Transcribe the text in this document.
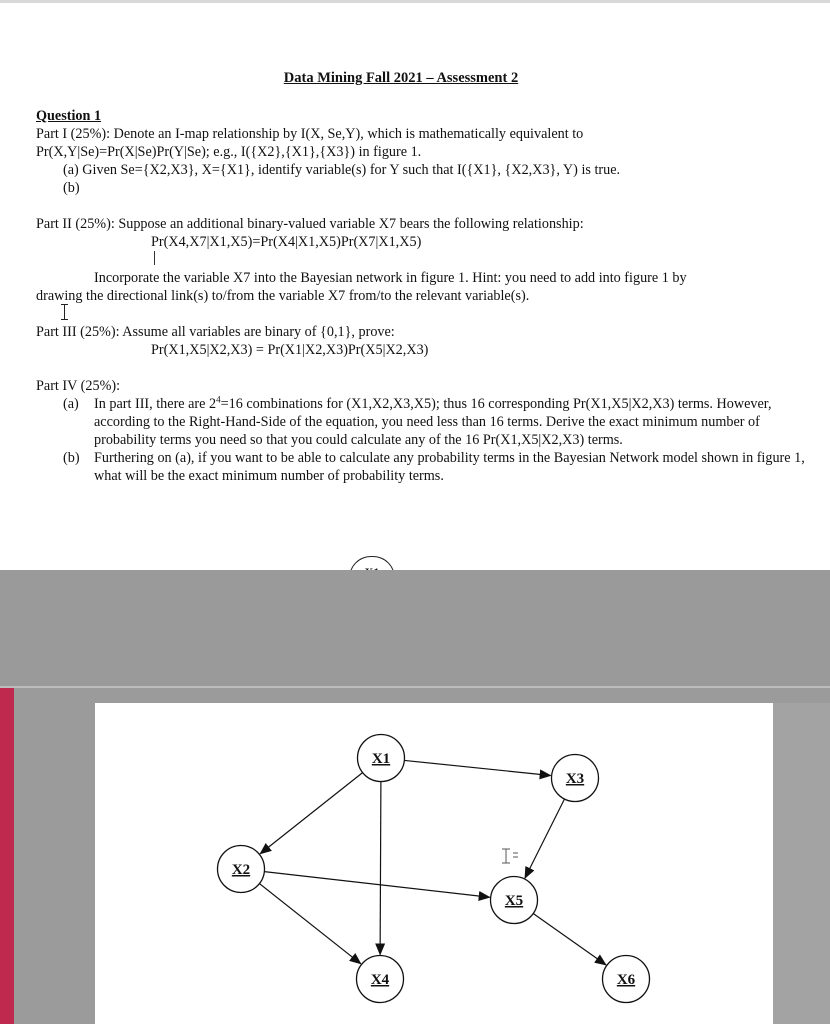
Data Mining Fall 2021 – Assessment 2
Question 1
Part I (25%): Denote an I-map relationship by I(X, Se,Y), which is mathematically equivalent to
Pr(X,Y|Se)=Pr(X|Se)Pr(Y|Se); e.g., I({X2},{X1},{X3}) in figure 1.
(a) Given Se={X2,X3}, X={X1}, identify variable(s) for Y such that I({X1}, {X2,X3}, Y) is true.
(b)
Part II (25%): Suppose an additional binary-valued variable X7 bears the following relationship:
Pr(X4,X7|X1,X5)=Pr(X4|X1,X5)Pr(X7|X1,X5)
Incorporate the variable X7 into the Bayesian network in figure 1. Hint: you need to add into figure 1 by
drawing the directional link(s) to/from the variable X7 from/to the relevant variable(s).
Part III (25%): Assume all variables are binary of {0,1}, prove:
Pr(X1,X5|X2,X3) = Pr(X1|X2,X3)Pr(X5|X2,X3)
Part IV (25%):
(a)	In part III, there are $2^4=16$ combinations for (X1,X2,X3,X5); thus 16 corresponding Pr(X1,X5|X2,X3) terms. However, according to the Right-Hand-Side of the equation, you need less than 16 terms. Derive the exact minimum number of probability terms you need so that you could calculate any of the 16 Pr(X1,X5|X2,X3) terms.
(b)	Furthering on (a), if you want to be able to calculate any probability terms in the Bayesian Network model shown in figure 1, what will be the exact minimum number of probability terms.
X1
X3
X2
X5
X4	X6
